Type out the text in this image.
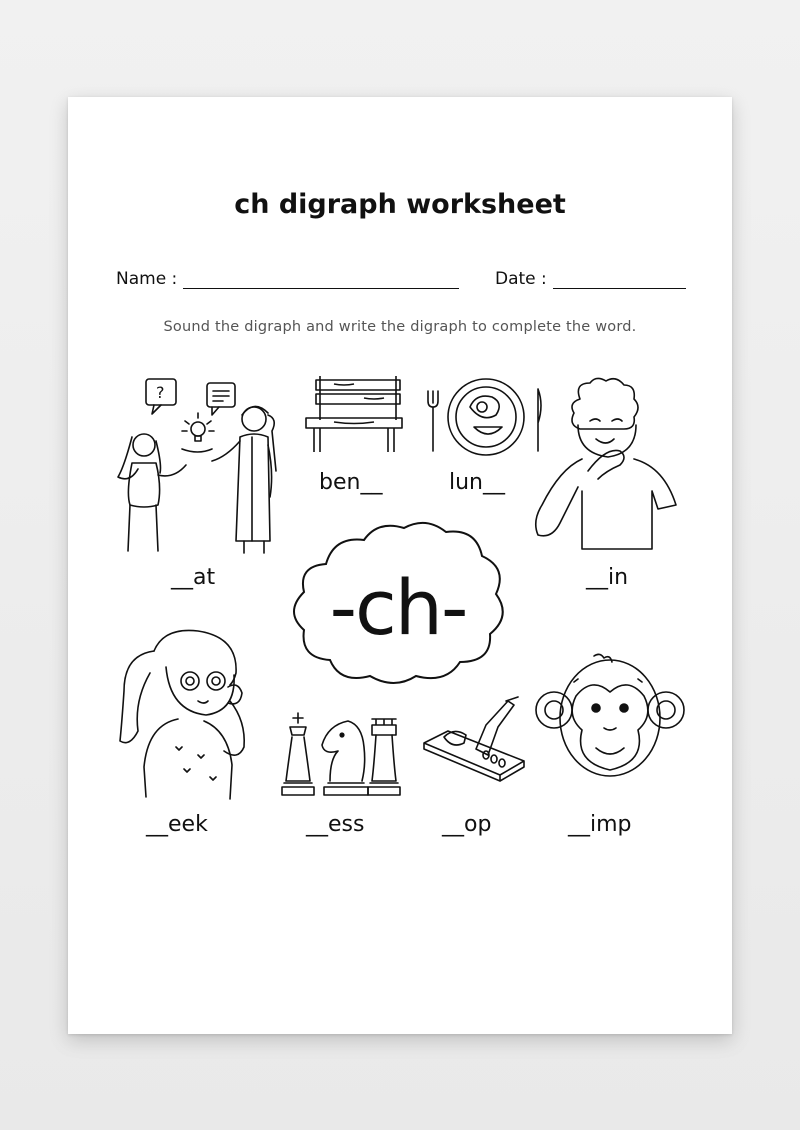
ch digraph worksheet
Name :	Date :
Sound the digraph and write the digraph to complete the word.
?
__at
ben__	lun__
__in
-ch-
__eek	__ess	__op	__imp
